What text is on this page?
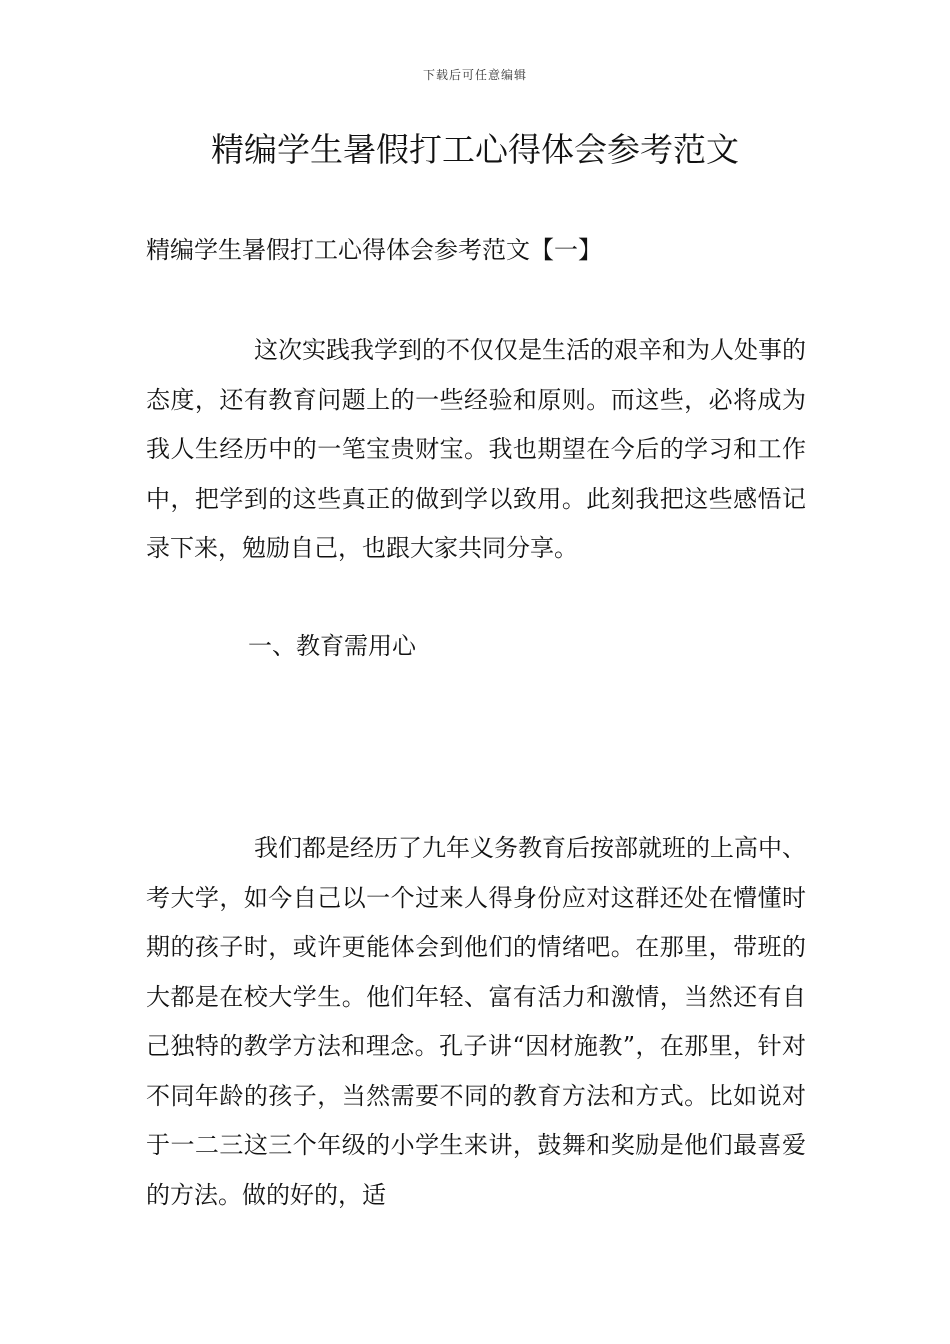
下载后可任意编辑
精编学生暑假打工心得体会参考范文

精编学生暑假打工心得体会参考范文【一】

这次实践我学到的不仅仅是生活的艰辛和为人处事的态度，还有教育问题上的一些经验和原则。而这些，必将成为我人生经历中的一笔宝贵财宝。我也期望在今后的学习和工作中，把学到的这些真正的做到学以致用。此刻我把这些感悟记录下来，勉励自己，也跟大家共同分享。

一、教育需用心

我们都是经历了九年义务教育后按部就班的上高中、考大学，如今自己以一个过来人得身份应对这群还处在懵懂时期的孩子时，或许更能体会到他们的情绪吧。在那里，带班的大都是在校大学生。他们年轻、富有活力和激情，当然还有自己独特的教学方法和理念。孔子讲“因材施教”，在那里，针对不同年龄的孩子，当然需要不同的教育方法和方式。比如说对于一二三这三个年级的小学生来讲，鼓舞和奖励是他们最喜爱的方法。做的好的，适
